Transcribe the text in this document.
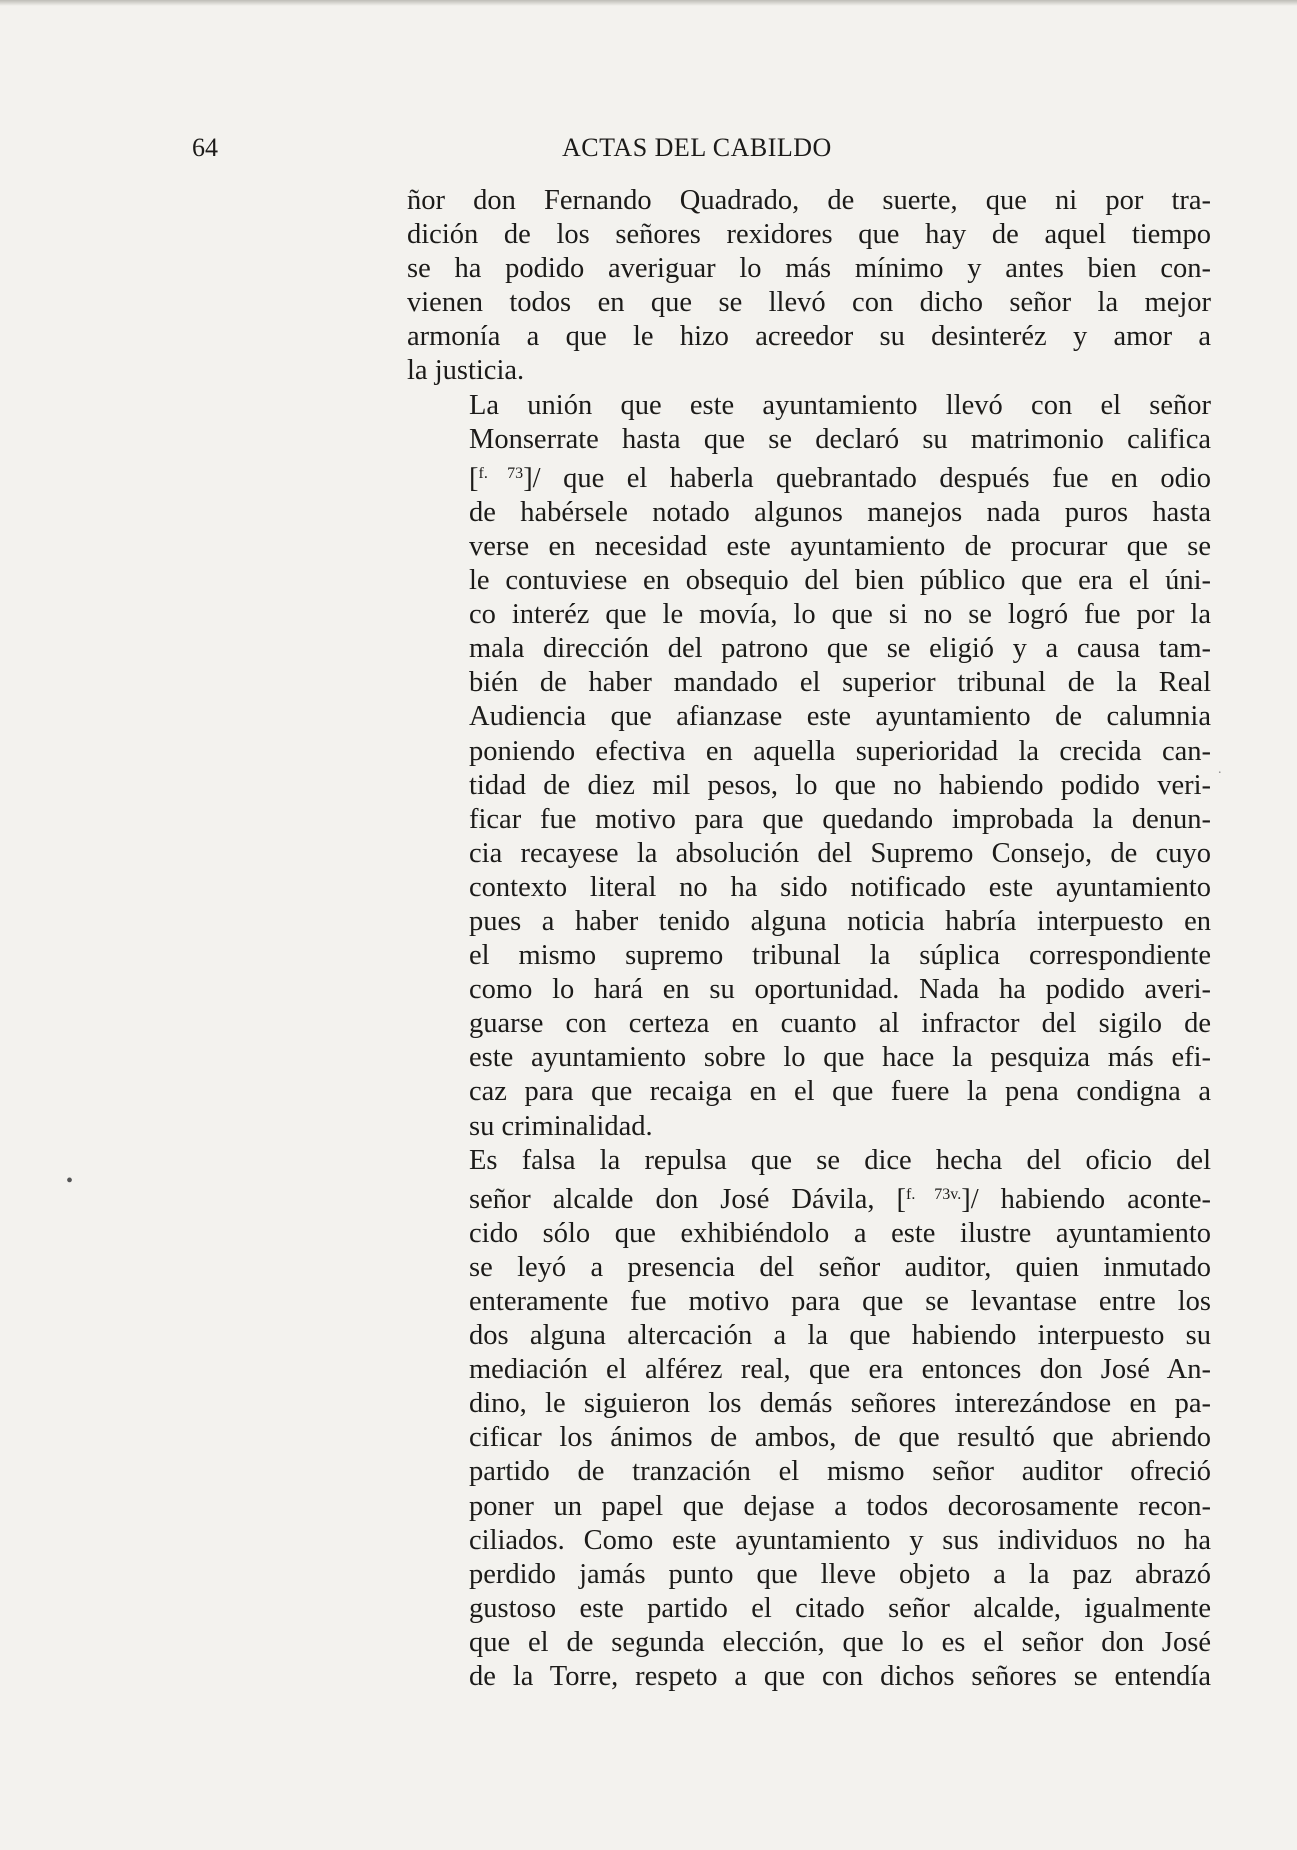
64	ACTAS DEL CABILDO
•
.
ñor don Fernando Quadrado, de suerte, que ni por tra-
dición de los señores rexidores que hay de aquel tiempo
se ha podido averiguar lo más mínimo y antes bien con-
vienen todos en que se llevó con dicho señor la mejor
armonía a que le hizo acreedor su desinteréz y amor a
la justicia.
La unión que este ayuntamiento llevó con el señor
Monserrate hasta que se declaró su matrimonio califica
[$^{f. 73}$]/ que el haberla quebrantado después fue en odio
de habérsele notado algunos manejos nada puros hasta
verse en necesidad este ayuntamiento de procurar que se
le contuviese en obsequio del bien público que era el úni-
co interéz que le movía, lo que si no se logró fue por la
mala dirección del patrono que se eligió y a causa tam-
bién de haber mandado el superior tribunal de la Real
Audiencia que afianzase este ayuntamiento de calumnia
poniendo efectiva en aquella superioridad la crecida can-
tidad de diez mil pesos, lo que no habiendo podido veri-
ficar fue motivo para que quedando improbada la denun-
cia recayese la absolución del Supremo Consejo, de cuyo
contexto literal no ha sido notificado este ayuntamiento
pues a haber tenido alguna noticia habría interpuesto en
el mismo supremo tribunal la súplica correspondiente
como lo hará en su oportunidad. Nada ha podido averi-
guarse con certeza en cuanto al infractor del sigilo de
este ayuntamiento sobre lo que hace la pesquiza más efi-
caz para que recaiga en el que fuere la pena condigna a
su criminalidad.
Es falsa la repulsa que se dice hecha del oficio del
señor alcalde don José Dávila, [$^{f. 73v.}$]/ habiendo aconte-
cido sólo que exhibiéndolo a este ilustre ayuntamiento
se leyó a presencia del señor auditor, quien inmutado
enteramente fue motivo para que se levantase entre los
dos alguna altercación a la que habiendo interpuesto su
mediación el alférez real, que era entonces don José An-
dino, le siguieron los demás señores interezándose en pa-
cificar los ánimos de ambos, de que resultó que abriendo
partido de tranzación el mismo señor auditor ofreció
poner un papel que dejase a todos decorosamente recon-
ciliados. Como este ayuntamiento y sus individuos no ha
perdido jamás punto que lleve objeto a la paz abrazó
gustoso este partido el citado señor alcalde, igualmente
que el de segunda elección, que lo es el señor don José
de la Torre, respeto a que con dichos señores se entendía
